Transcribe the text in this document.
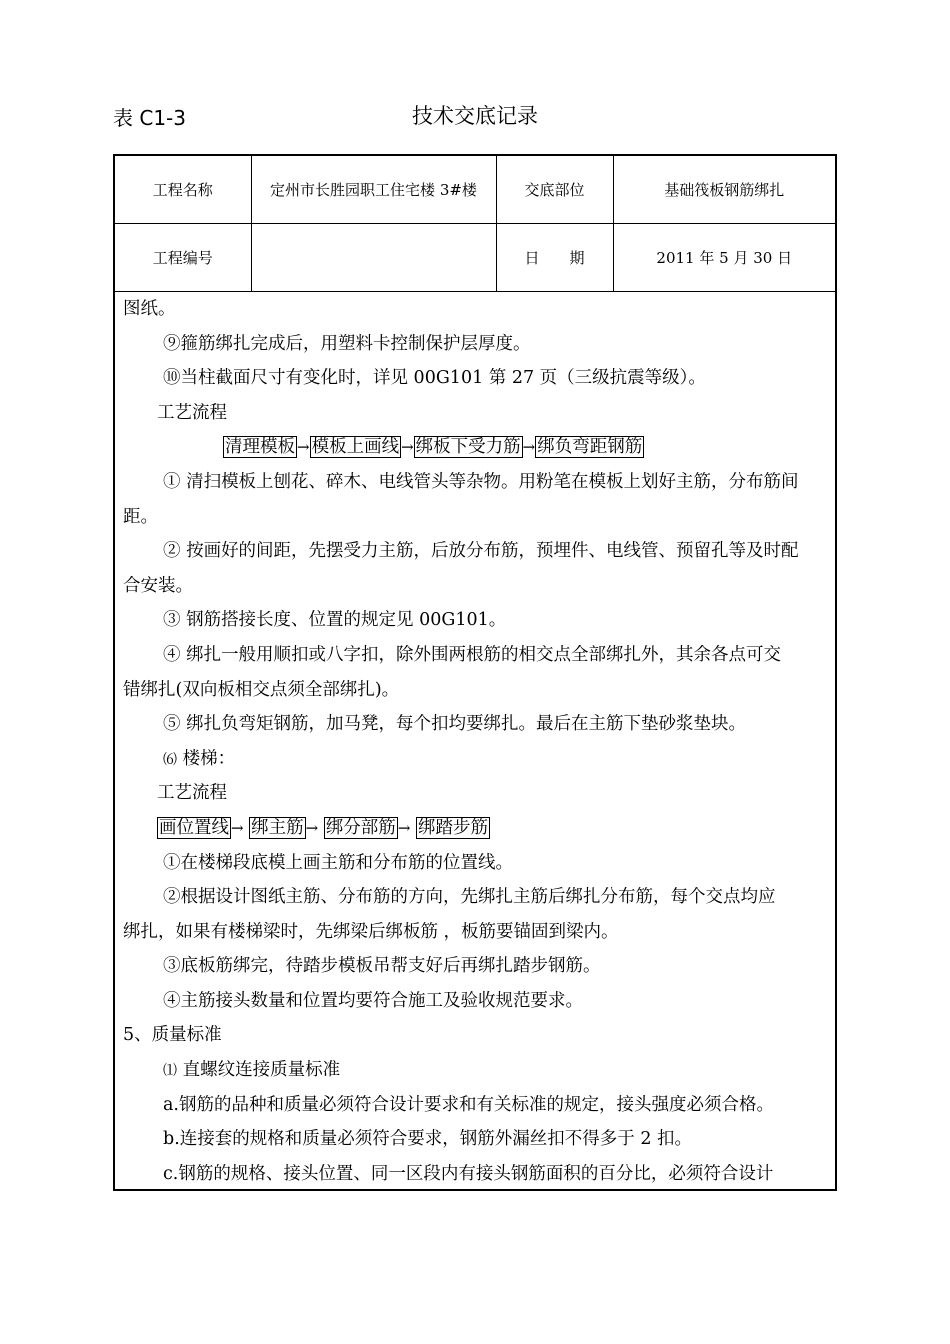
表 C1-3	技术交底记录
工程名称	定州市长胜园职工住宅楼 3#楼	交底部位	基础筏板钢筋绑扎
工程编号		日　　期	2011 年 5 月 30 日
图纸。
⑨箍筋绑扎完成后，用塑料卡控制保护层厚度。
⑩当柱截面尺寸有变化时，详见 00G101 第 27 页（三级抗震等级）。
工艺流程
清理模板 → 模板上画线 → 绑板下受力筋 → 绑负弯距钢筋
① 清扫模板上刨花、碎木、电线管头等杂物。用粉笔在模板上划好主筋，分布筋间
距。
② 按画好的间距，先摆受力主筋，后放分布筋，预埋件、电线管、预留孔等及时配
合安装。
③ 钢筋搭接长度、位置的规定见 00G101。
④ 绑扎一般用顺扣或八字扣，除外围两根筋的相交点全部绑扎外，其余各点可交
错绑扎(双向板相交点须全部绑扎)。
⑤ 绑扎负弯矩钢筋，加马凳，每个扣均要绑扎。最后在主筋下垫砂浆垫块。
⑹ 楼梯：
工艺流程
画位置线 → 绑主筋 → 绑分部筋 → 绑踏步筋
①在楼梯段底模上画主筋和分布筋的位置线。
②根据设计图纸主筋、分布筋的方向，先绑扎主筋后绑扎分布筋，每个交点均应
绑扎，如果有楼梯梁时，先绑梁后绑板筋 ，板筋要锚固到梁内。
③底板筋绑完，待踏步模板吊帮支好后再绑扎踏步钢筋。
④主筋接头数量和位置均要符合施工及验收规范要求。
5、质量标准
⑴ 直螺纹连接质量标准
a.钢筋的品种和质量必须符合设计要求和有关标准的规定，接头强度必须合格。
b.连接套的规格和质量必须符合要求，钢筋外漏丝扣不得多于 2 扣。
c.钢筋的规格、接头位置、同一区段内有接头钢筋面积的百分比，必须符合设计
